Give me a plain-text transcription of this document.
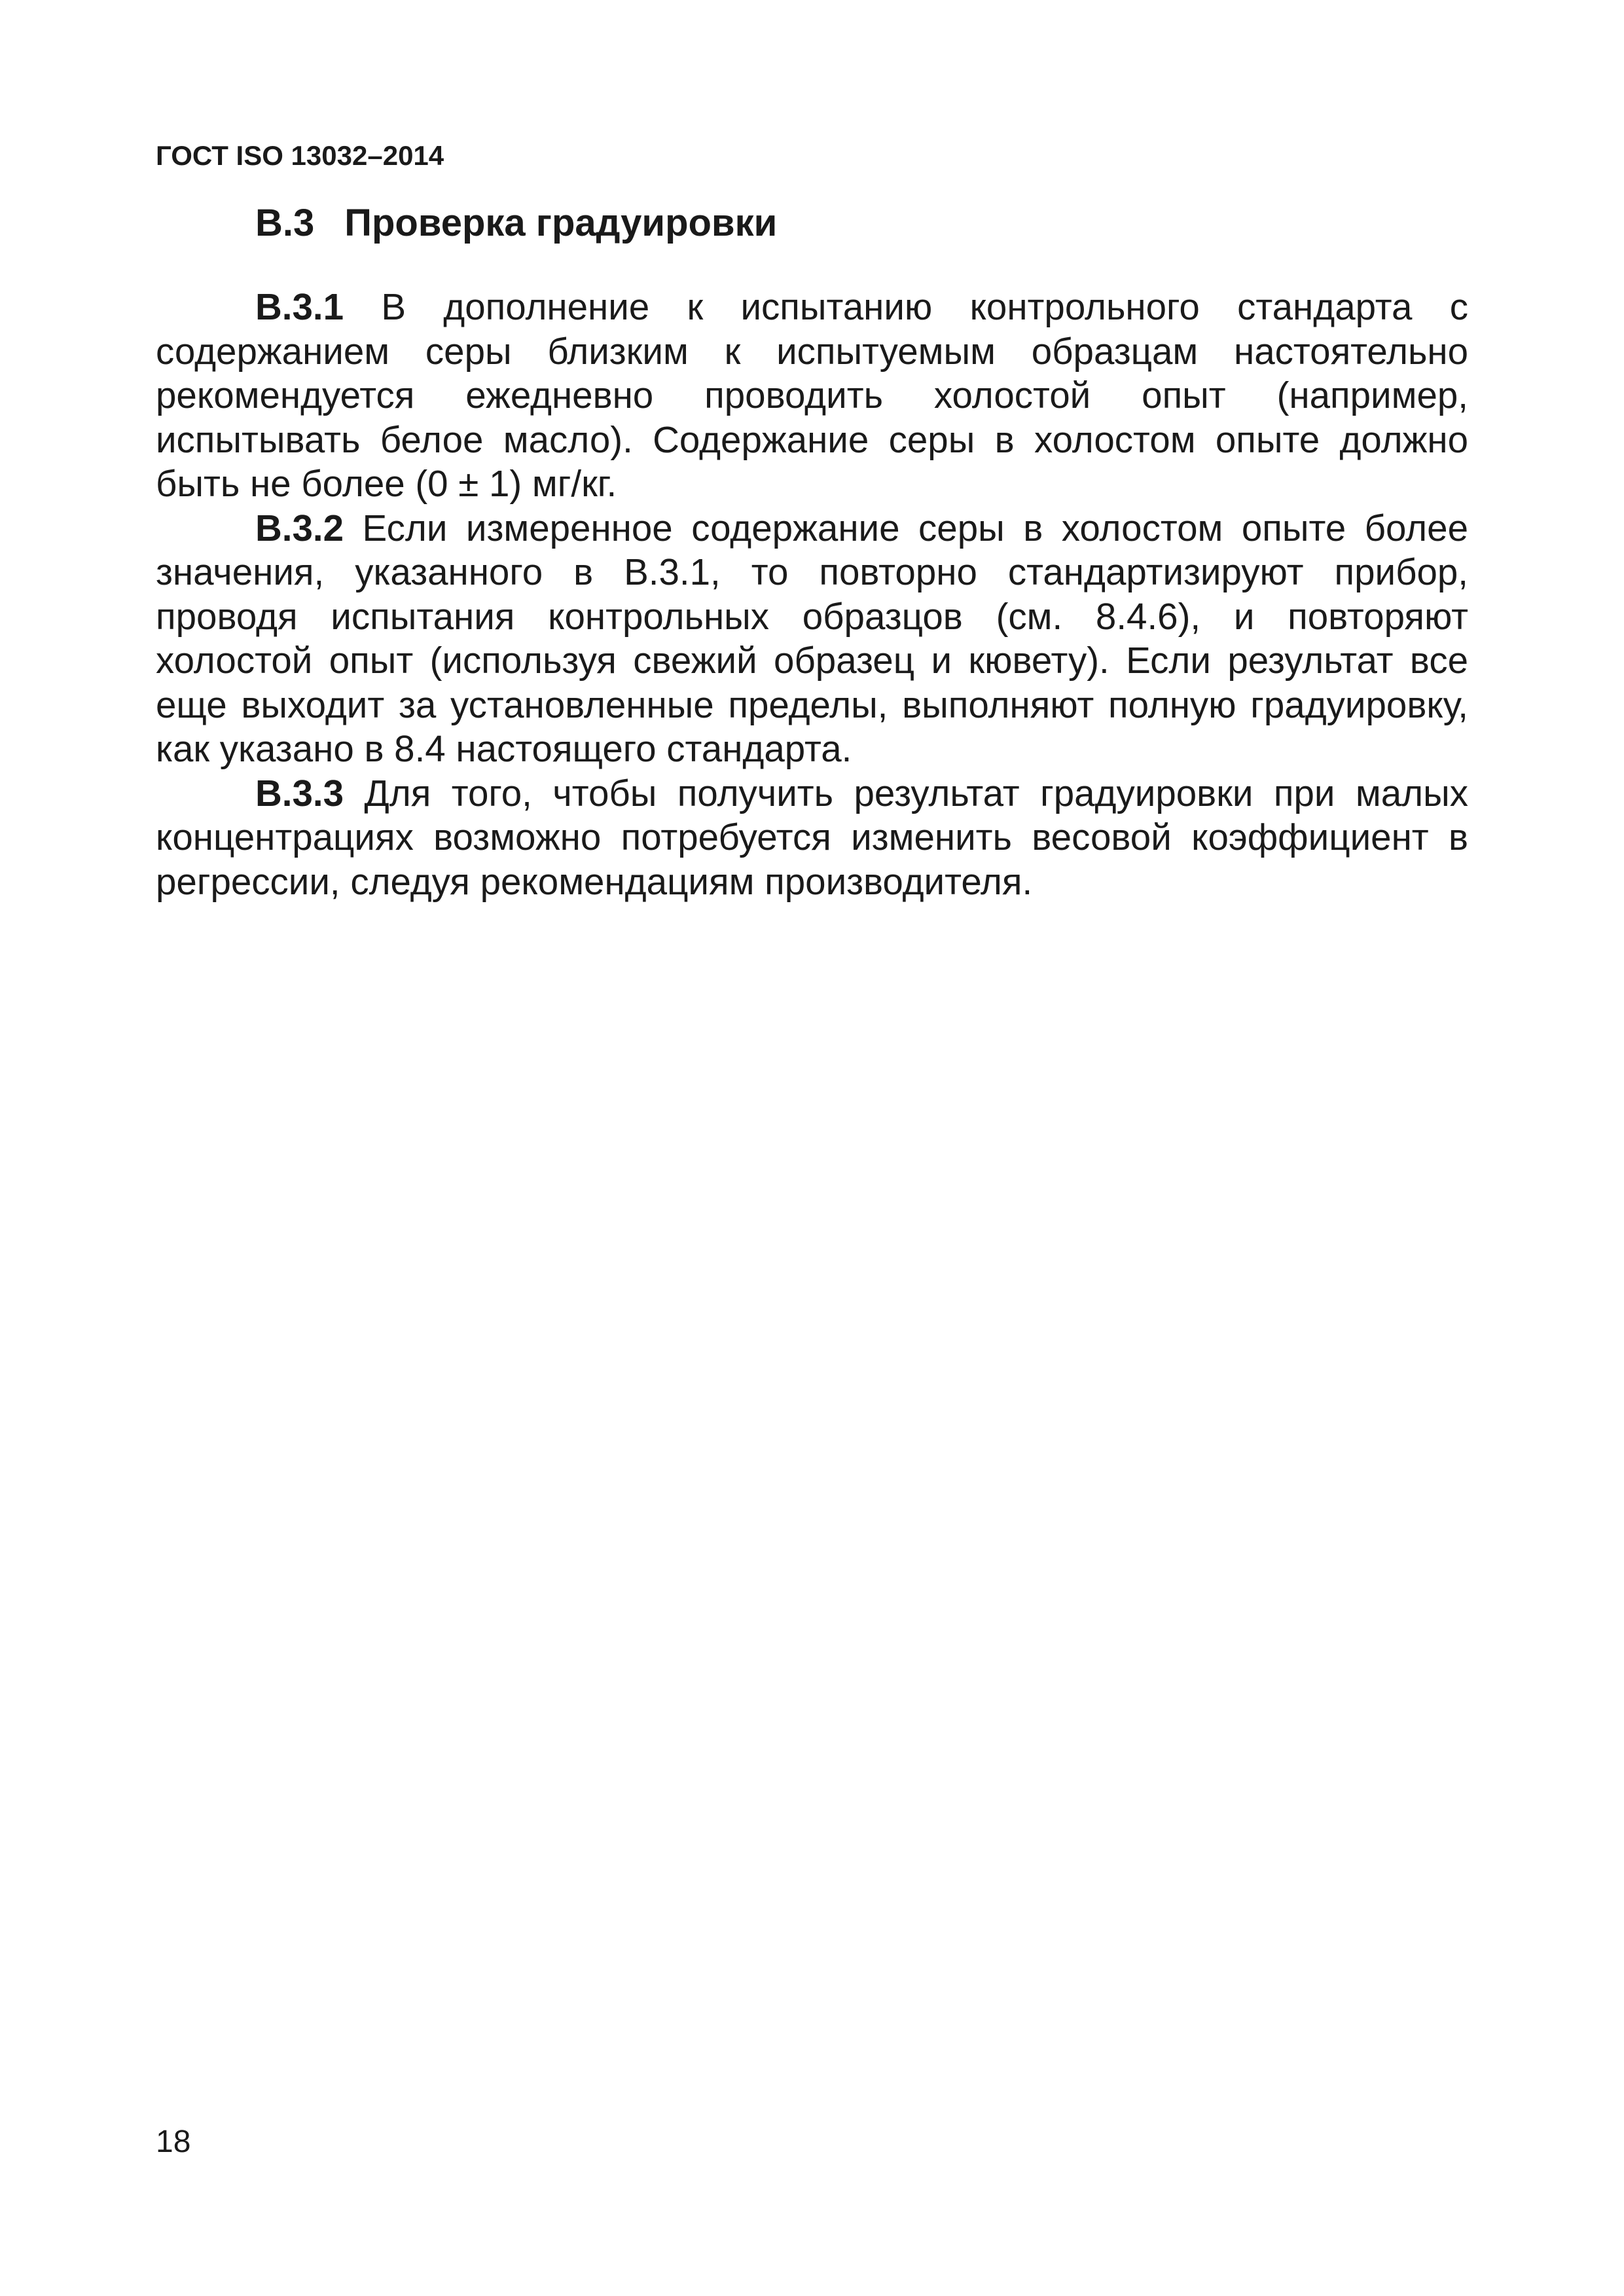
ГОСТ ISO 13032–2014
B.3 Проверка градуировки

B.3.1 В дополнение к испытанию контрольного стандарта с содержанием серы близким к испытуемым образцам настоятельно рекомендуется ежедневно проводить холостой опыт (например, испытывать белое масло). Содержание серы в холостом опыте должно быть не более (0 ± 1) мг/кг.

B.3.2 Если измеренное содержание серы в холостом опыте более значения, указанного в B.3.1, то повторно стандартизируют прибор, проводя испытания контрольных образцов (см. 8.4.6), и повторяют холостой опыт (используя свежий образец и кювету). Если результат все еще выходит за установленные пределы, выполняют полную градуировку, как указано в 8.4 настоящего стандарта.

B.3.3 Для того, чтобы получить результат градуировки при малых концентрациях возможно потребуется изменить весовой коэффициент в регрессии, следуя рекомендациям производителя.

18
